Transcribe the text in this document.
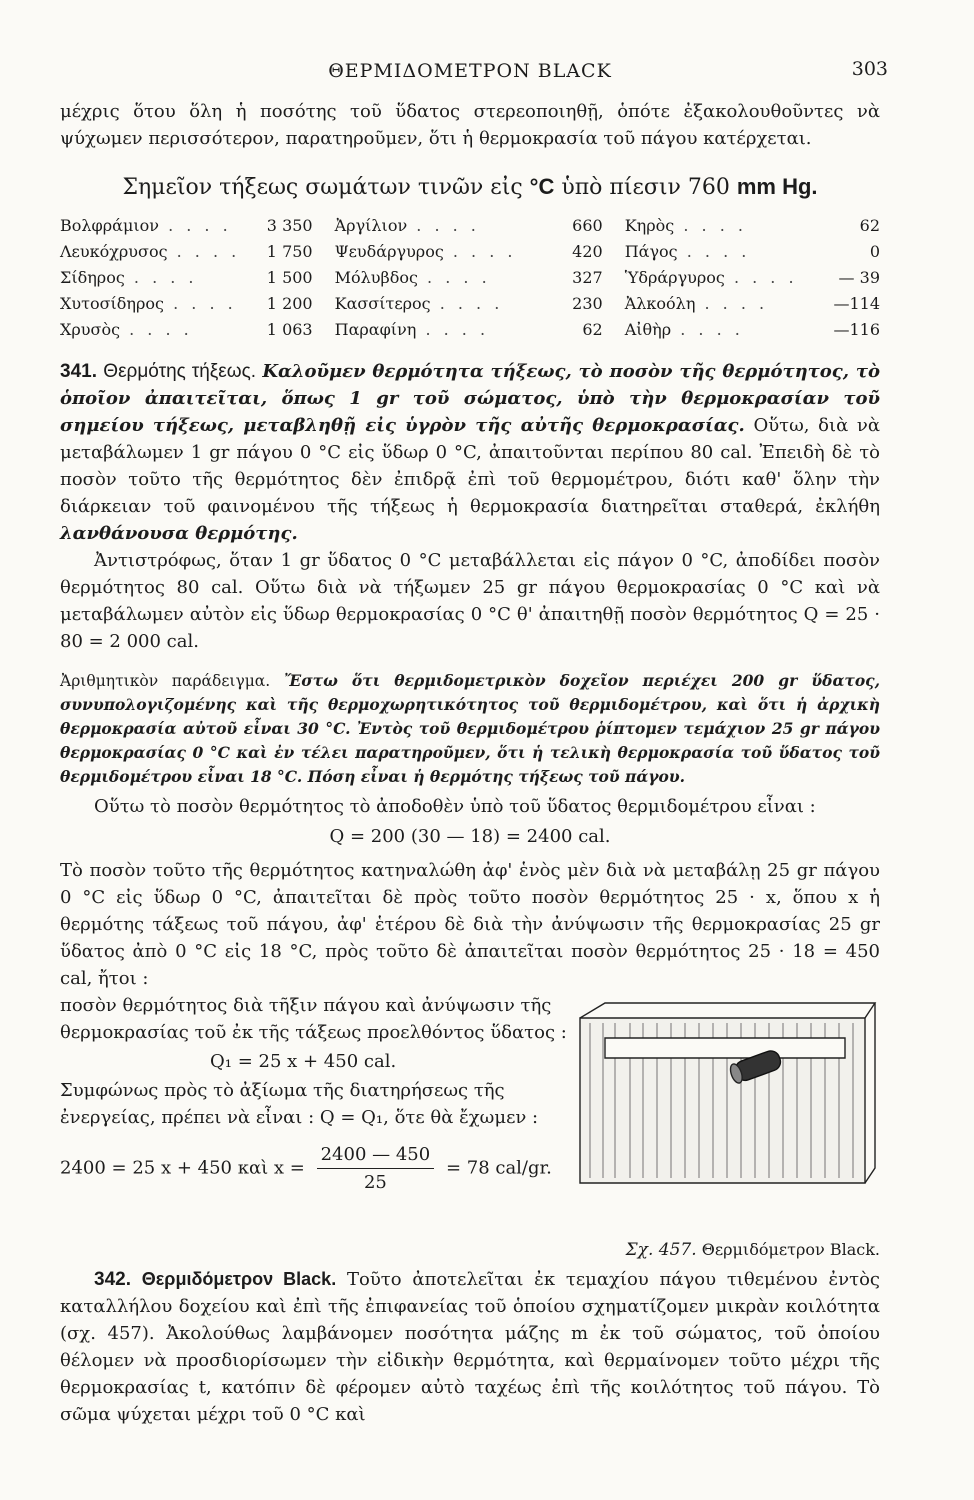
ΘΕΡΜΙΔΟΜΕΤΡΟΝ BLACK	303

μέχρις ὅτου ὅλη ἡ ποσότης τοῦ ὕδατος στερεοποιηθῇ, ὁπότε ἐξακολουθοῦντες νὰ ψύχωμεν περισσότερον, παρατηροῦμεν, ὅτι ἡ θερμοκρασία τοῦ πάγου κατέρχεται.

Σημεῖον τήξεως σωμάτων τινῶν εἰς °C ὑπὸ πίεσιν 760 mm Hg.
Βολφράμιον . . . .	3 350	Ἀργίλιον . . . .	660	Κηρὸς . . . .	62
Λευκόχρυσος . . . .	1 750	Ψευδάργυρος . . . .	420	Πάγος . . . .	0
Σίδηρος . . . .	1 500	Μόλυβδος . . . .	327	Ὑδράργυρος . . . .	— 39
Χυτοσίδηρος . . . .	1 200	Κασσίτερος . . . .	230	Ἀλκοόλη . . . .	—114
Χρυσὸς . . . .	1 063	Παραφίνη . . . .	62	Αἰθὴρ . . . .	—116

341. Θερμότης τήξεως. Καλοῦμεν θερμότητα τήξεως, τὸ ποσὸν τῆς θερμότητος, τὸ ὁποῖον ἀπαιτεῖται, ὅπως 1 gr τοῦ σώματος, ὑπὸ τὴν θερμοκρασίαν τοῦ σημείου τήξεως, μεταβληθῇ εἰς ὑγρὸν τῆς αὐτῆς θερμοκρασίας. Οὕτω, διὰ νὰ μεταβάλωμεν 1 gr πάγου 0 °C εἰς ὕδωρ 0 °C, ἀπαιτοῦνται περίπου 80 cal. Ἐπειδὴ δὲ τὸ ποσὸν τοῦτο τῆς θερμότητος δὲν ἐπιδρᾷ ἐπὶ τοῦ θερμομέτρου, διότι καθ' ὅλην τὴν διάρκειαν τοῦ φαινομένου τῆς τήξεως ἡ θερμοκρασία διατηρεῖται σταθερά, ἐκλήθη λανθάνουσα θερμότης.

Ἀντιστρόφως, ὅταν 1 gr ὕδατος 0 °C μεταβάλλεται εἰς πάγον 0 °C, ἀποδίδει ποσὸν θερμότητος 80 cal. Οὕτω διὰ νὰ τήξωμεν 25 gr πάγου θερμοκρασίας 0 °C καὶ νὰ μεταβάλωμεν αὐτὸν εἰς ὕδωρ θερμοκρασίας 0 °C θ' ἀπαιτηθῇ ποσὸν θερμότητος Q = 25 · 80 = 2 000 cal.

Ἀριθμητικὸν παράδειγμα. Ἔστω ὅτι θερμιδομετρικὸν δοχεῖον περιέχει 200 gr ὕδατος, συνυπολογιζομένης καὶ τῆς θερμοχωρητικότητος τοῦ θερμιδομέτρου, καὶ ὅτι ἡ ἀρχικὴ θερμοκρασία αὐτοῦ εἶναι 30 °C. Ἐντὸς τοῦ θερμιδομέτρου ῥίπτομεν τεμάχιον 25 gr πάγου θερμοκρασίας 0 °C καὶ ἐν τέλει παρατηροῦμεν, ὅτι ἡ τελικὴ θερμοκρασία τοῦ ὕδατος τοῦ θερμιδομέτρου εἶναι 18 °C. Πόση εἶναι ἡ θερμότης τήξεως τοῦ πάγου.

Οὕτω τὸ ποσὸν θερμότητος τὸ ἀποδοθὲν ὑπὸ τοῦ ὕδατος θερμιδομέτρου εἶναι :

Q = 200 (30 — 18) = 2400 cal.

Τὸ ποσὸν τοῦτο τῆς θερμότητος κατηναλώθη ἀφ' ἑνὸς μὲν διὰ νὰ μεταβάλῃ 25 gr πάγου 0 °C εἰς ὕδωρ 0 °C, ἀπαιτεῖται δὲ πρὸς τοῦτο ποσὸν θερμότητος 25 · x, ὅπου x ἡ θερμότης τάξεως τοῦ πάγου, ἀφ' ἑτέρου δὲ διὰ τὴν ἀνύψωσιν τῆς θερμοκρασίας 25 gr ὕδατος ἀπὸ 0 °C εἰς 18 °C, πρὸς τοῦτο δὲ ἀπαιτεῖται ποσὸν θερμότητος 25 · 18 = 450 cal, ἤτοι :

ποσὸν θερμότητος διὰ τῆξιν πάγου καὶ ἀνύψωσιν τῆς θερμοκρασίας τοῦ ἐκ τῆς τάξεως προελθόντος ὕδατος :
Q₁ = 25 x + 450 cal.
Συμφώνως πρὸς τὸ ἀξίωμα τῆς διατηρήσεως τῆς ἐνεργείας, πρέπει νὰ εἶναι : Q = Q₁, ὅτε θὰ ἔχωμεν :
2400 = 25 x + 450 καὶ $x = \frac{2400 — 450}{25} = 78$ cal/gr.
Σχ. 457. Θερμιδόμετρον Black.

342. Θερμιδόμετρον Black. Τοῦτο ἀποτελεῖται ἐκ τεμαχίου πάγου τιθεμένου ἐντὸς καταλλήλου δοχείου καὶ ἐπὶ τῆς ἐπιφανείας τοῦ ὁποίου σχηματίζομεν μικρὰν κοιλότητα (σχ. 457). Ἀκολούθως λαμβάνομεν ποσότητα μάζης m ἐκ τοῦ σώματος, τοῦ ὁποίου θέλομεν νὰ προσδιορίσωμεν τὴν εἰδικὴν θερμότητα, καὶ θερμαίνομεν τοῦτο μέχρι τῆς θερμοκρασίας t, κατόπιν δὲ φέρομεν αὐτὸ ταχέως ἐπὶ τῆς κοιλότητος τοῦ πάγου. Τὸ σῶμα ψύχεται μέχρι τοῦ 0 °C καὶ
